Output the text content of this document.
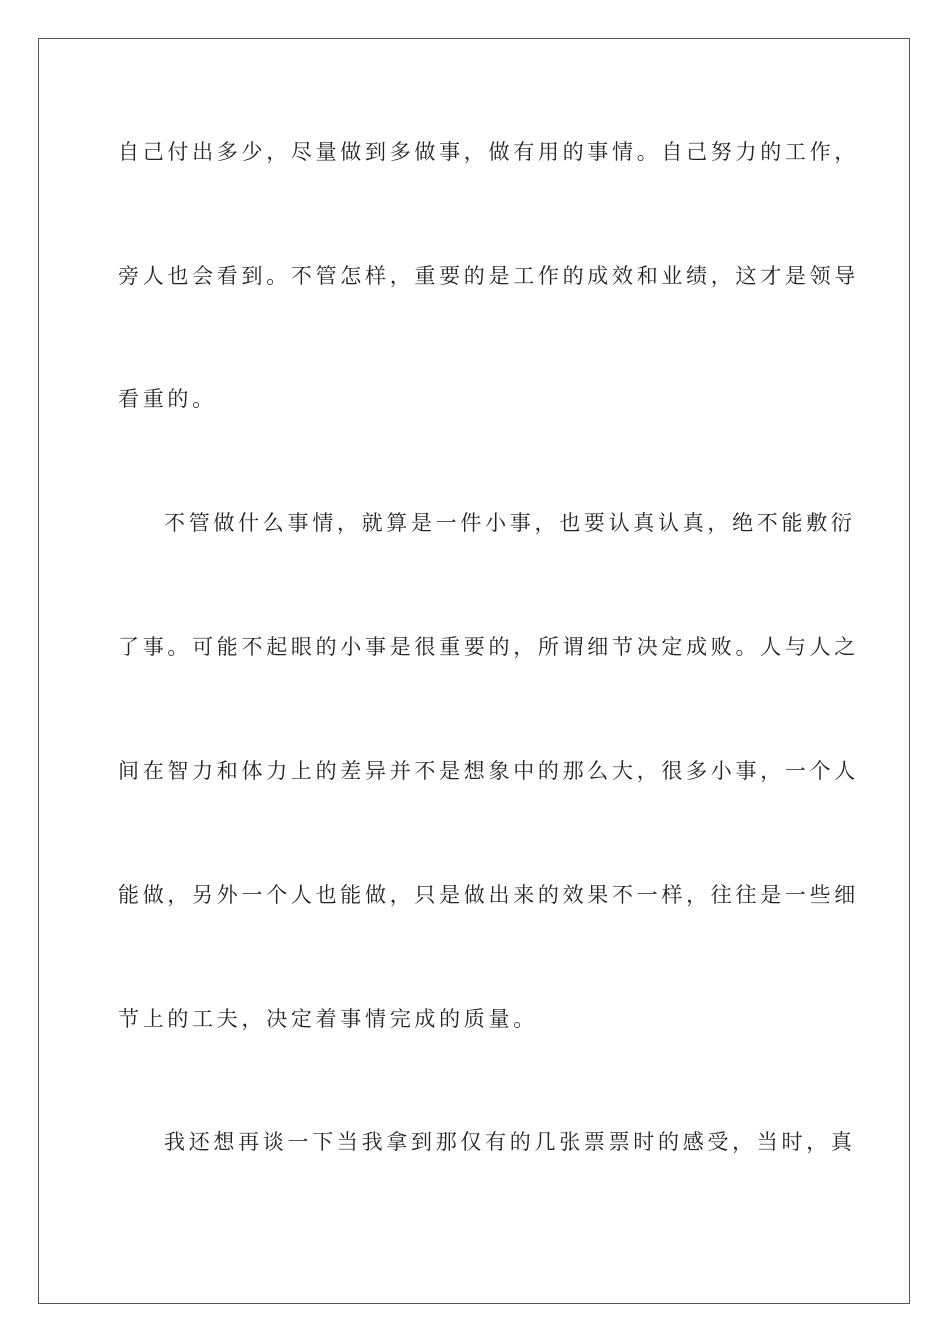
自己付出多少，尽量做到多做事，做有用的事情。自己努力的工作，

旁人也会看到。不管怎样，重要的是工作的成效和业绩，这才是领导

看重的。

不管做什么事情，就算是一件小事，也要认真认真，绝不能敷衍

了事。可能不起眼的小事是很重要的，所谓细节决定成败。人与人之

间在智力和体力上的差异并不是想象中的那么大，很多小事，一个人

能做，另外一个人也能做，只是做出来的效果不一样，往往是一些细

节上的工夫，决定着事情完成的质量。

我还想再谈一下当我拿到那仅有的几张票票时的感受，当时，真
